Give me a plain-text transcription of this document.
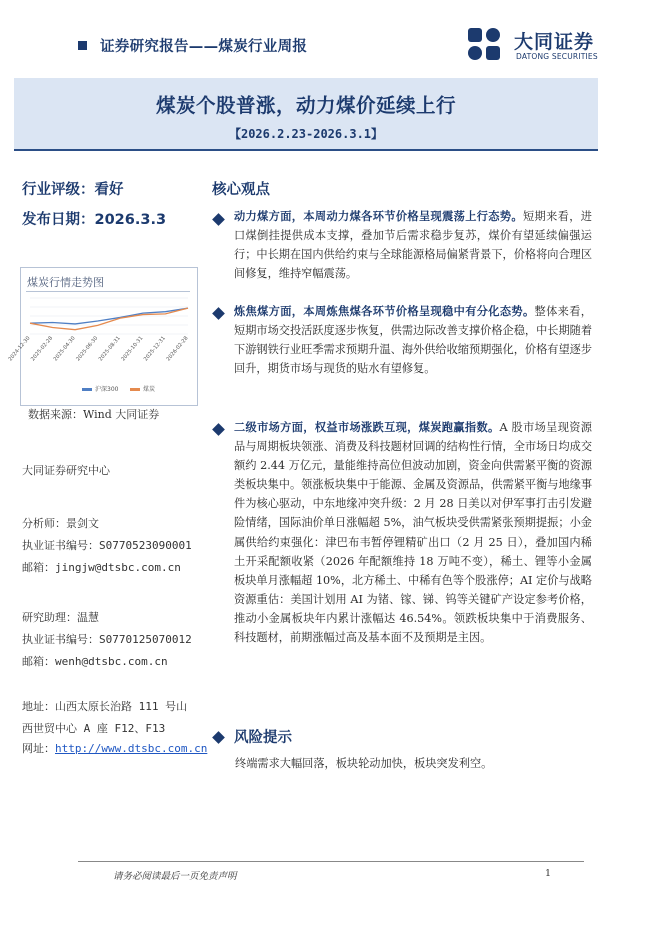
证券研究报告——煤炭行业周报	大同证券
DATONG SECURITIES
煤炭个股普涨，动力煤价延续上行
【2026.2.23-2026.3.1】
行业评级：看好
发布日期：2026.3.3
煤炭行情走势图
2024-12-30
2025-02-28
2025-04-30
2025-06-30
2025-08-31
2025-10-31
2025-12-31
2026-02-28
沪深300	煤炭
数据来源：Wind 大同证券
大同证券研究中心
分析师：景剑文
执业证书编号：S0770523090001
邮箱：jingjw@dtsbc.com.cn
研究助理：温慧
执业证书编号：S0770125070012
邮箱：wenh@dtsbc.com.cn
地址：山西太原长治路 111 号山
西世贸中心 A 座 F12、F13
网址：http://www.dtsbc.com.cn
核心观点
动力煤方面，本周动力煤各环节价格呈现震荡上行态势。短期来看，进口煤倒挂提供成本支撑，叠加节后需求稳步复苏，煤价有望延续偏强运行；中长期在国内供给约束与全球能源格局偏紧背景下，价格将向合理区间修复，维持窄幅震荡。
炼焦煤方面，本周炼焦煤各环节价格呈现稳中有分化态势。整体来看，短期市场交投活跃度逐步恢复，供需边际改善支撑价格企稳，中长期随着下游钢铁行业旺季需求预期升温、海外供给收缩预期强化，价格有望逐步回升，期货市场与现货的贴水有望修复。
二级市场方面，权益市场涨跌互现，煤炭跑赢指数。A 股市场呈现资源品与周期板块领涨、消费及科技题材回调的结构性行情，全市场日均成交额约 2.44 万亿元，量能维持高位但波动加剧，资金向供需紧平衡的资源类板块集中。领涨板块集中于能源、金属及资源品，供需紧平衡与地缘事件为核心驱动，中东地缘冲突升级：2 月 28 日美以对伊军事打击引发避险情绪，国际油价单日涨幅超 5%，油气板块受供需紧张预期提振；小金属供给约束强化：津巴布韦暂停锂精矿出口（2 月 25 日），叠加国内稀土开采配额收紧（2026 年配额维持 18 万吨不变），稀土、锂等小金属板块单月涨幅超 10%，北方稀土、中稀有色等个股涨停；AI 定价与战略资源重估：美国计划用 AI 为锗、镓、锑、钨等关键矿产设定参考价格，推动小金属板块年内累计涨幅达 46.54%。领跌板块集中于消费服务、科技题材，前期涨幅过高及基本面不及预期是主因。
风险提示
终端需求大幅回落，板块轮动加快，板块突发利空。
请务必阅读最后一页免责声明	1
